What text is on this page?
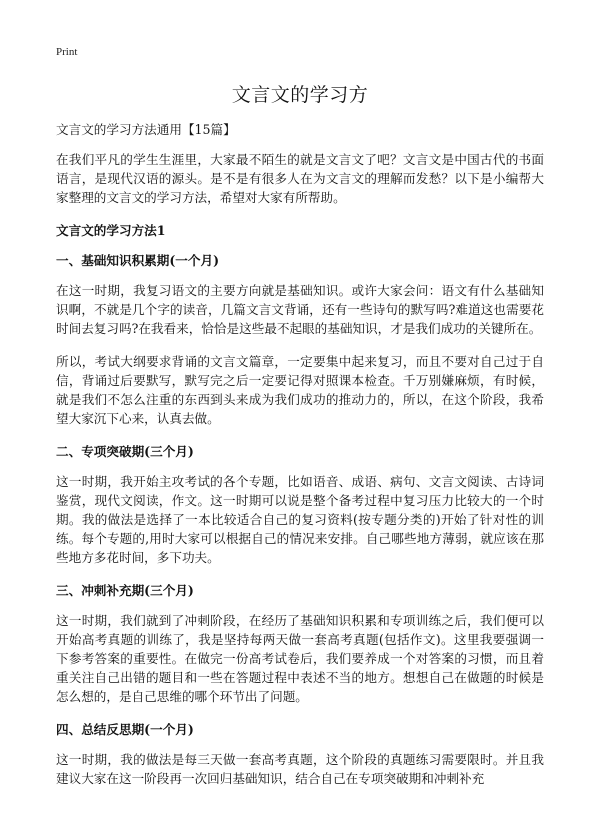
Print
文言文的学习方

文言文的学习方法通用【15篇】

在我们平凡的学生生涯里，大家最不陌生的就是文言文了吧？文言文是中国古代的书面语言，是现代汉语的源头。是不是有很多人在为文言文的理解而发愁？以下是小编帮大家整理的文言文的学习方法，希望对大家有所帮助。

文言文的学习方法1

一、基础知识积累期(一个月)

在这一时期，我复习语文的主要方向就是基础知识。或许大家会问：语文有什么基础知识啊，不就是几个字的读音，几篇文言文背诵，还有一些诗句的默写吗?难道这也需要花时间去复习吗?在我看来，恰恰是这些最不起眼的基础知识，才是我们成功的关键所在。

所以，考试大纲要求背诵的文言文篇章，一定要集中起来复习，而且不要对自己过于自信，背诵过后要默写，默写完之后一定要记得对照课本检查。千万别嫌麻烦，有时候，就是我们不怎么注重的东西到头来成为我们成功的推动力的，所以，在这个阶段，我希望大家沉下心来，认真去做。

二、专项突破期(三个月)

这一时期，我开始主攻考试的各个专题，比如语音、成语、病句、文言文阅读、古诗词鉴赏，现代文阅读，作文。这一时期可以说是整个备考过程中复习压力比较大的一个时期。我的做法是选择了一本比较适合自己的复习资料(按专题分类的)开始了针对性的训练。每个专题的,用时大家可以根据自己的情况来安排。自己哪些地方薄弱，就应该在那些地方多花时间，多下功夫。

三、冲刺补充期(三个月)

这一时期，我们就到了冲刺阶段，在经历了基础知识积累和专项训练之后，我们便可以开始高考真题的训练了，我是坚持每两天做一套高考真题(包括作文)。这里我要强调一下参考答案的重要性。在做完一份高考试卷后，我们要养成一个对答案的习惯，而且着重关注自己出错的题目和一些在答题过程中表述不当的地方。想想自己在做题的时候是怎么想的，是自己思维的哪个环节出了问题。

四、总结反思期(一个月)

这一时期，我的做法是每三天做一套高考真题，这个阶段的真题练习需要限时。并且我建议大家在这一阶段再一次回归基础知识，结合自己在专项突破期和冲刺补充
